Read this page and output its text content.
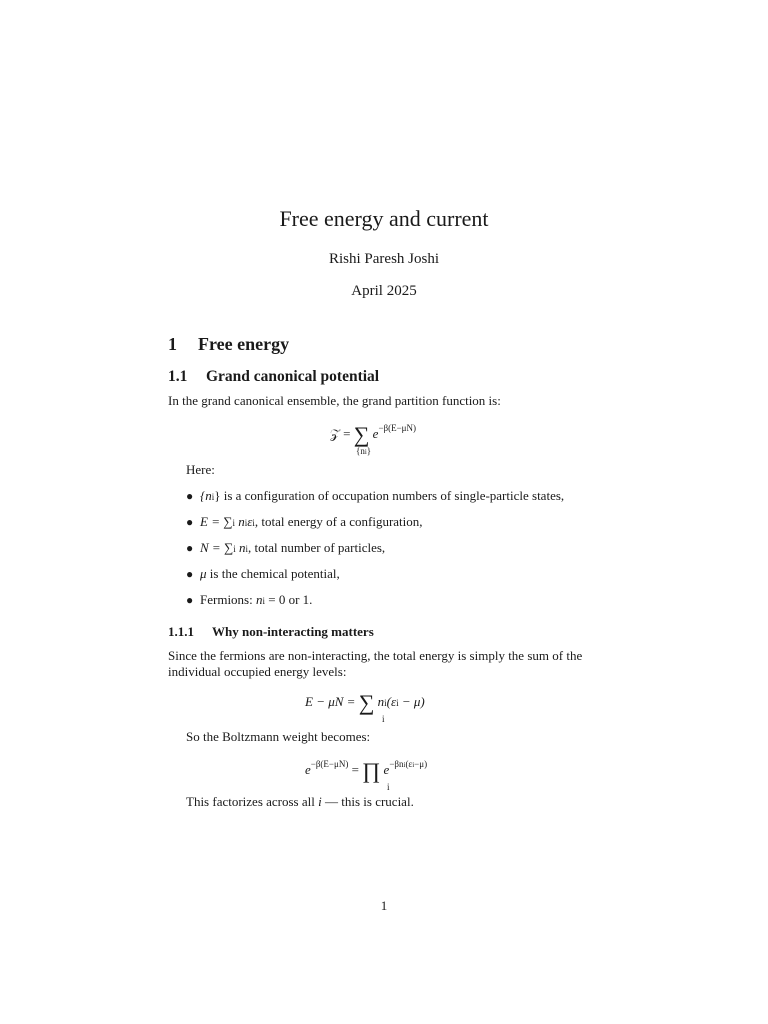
Free energy and current
Rishi Paresh Joshi
April 2025
1 Free energy
1.1 Grand canonical potential
In the grand canonical ensemble, the grand partition function is:
𝒵 = ∑ $e^{-\beta(E-\mu N)}$
{ni}
Here:
● {ni} is a configuration of occupation numbers of single-particle states,
● E = ∑i niεi, total energy of a configuration,
● N = ∑i ni, total number of particles,
● μ is the chemical potential,
● Fermions: ni = 0 or 1.
1.1.1 Why non-interacting matters
Since the fermions are non-interacting, the total energy is simply the sum of the individual occupied energy levels:
E − μN = ∑ ni(εi − μ)
i
So the Boltzmann weight becomes:
$e^{-\beta(E-\mu N)}$ = ∏ $e^{-\beta ni(\varepsilon i-\mu)}$
i
This factorizes across all i — this is crucial.
1
